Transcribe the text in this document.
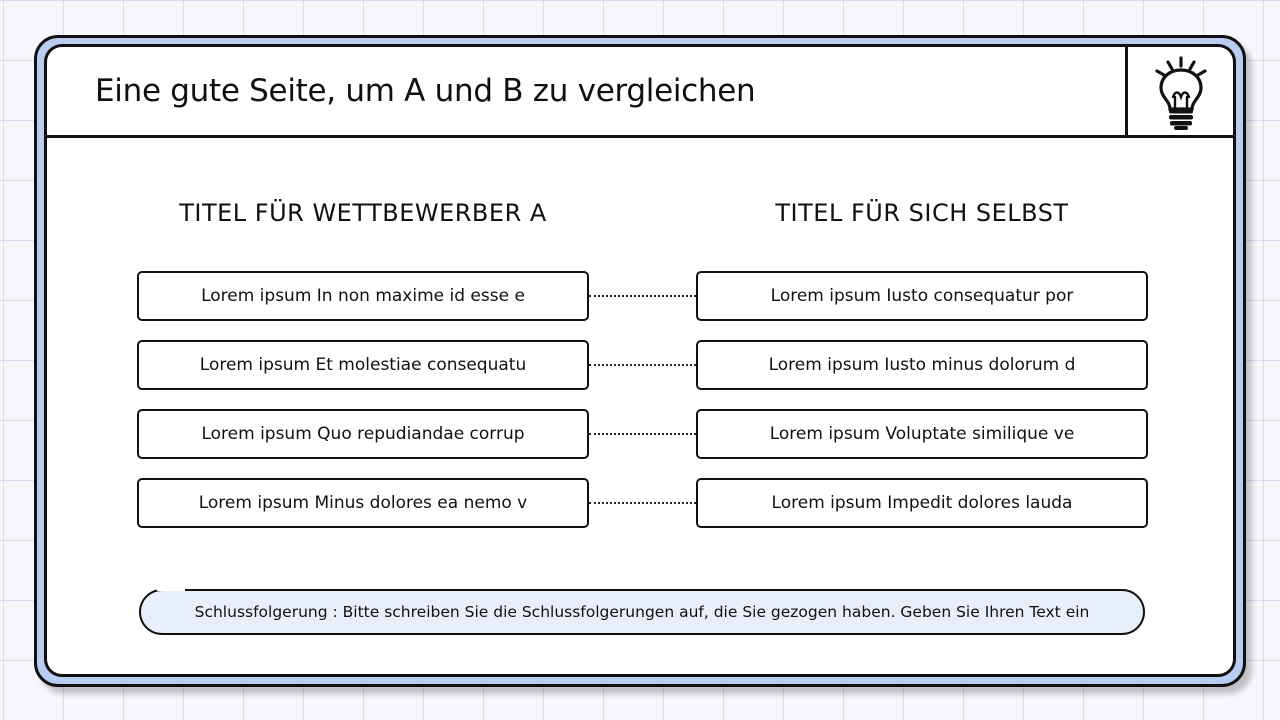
Eine gute Seite, um A und B zu vergleichen
TITEL FÜR WETTBEWERBER A	TITEL FÜR SICH SELBST
Lorem ipsum In non maxime id esse e
Lorem ipsum Et molestiae consequatu
Lorem ipsum Quo repudiandae corrup
Lorem ipsum Minus dolores ea nemo v
Lorem ipsum Iusto consequatur por
Lorem ipsum Iusto minus dolorum d
Lorem ipsum Voluptate similique ve
Lorem ipsum Impedit dolores lauda
Schlussfolgerung : Bitte schreiben Sie die Schlussfolgerungen auf, die Sie gezogen haben. Geben Sie Ihren Text ein
